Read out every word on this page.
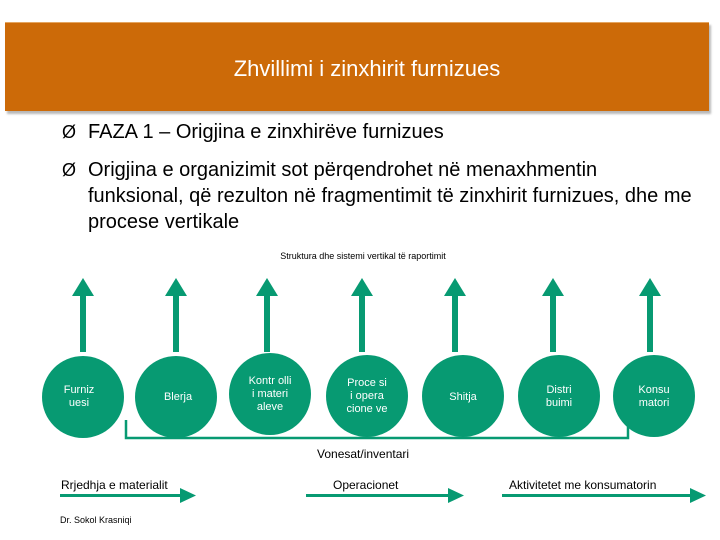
Zhvillimi i zinxhirit furnizues
Ø FAZA 1 – Origjina e zinxhirëve furnizues
Ø Origjina e organizimit sot përqendrohet në menaxhmentin funksional, që rezulton në fragmentimit të zinxhirit furnizues, dhe me procese vertikale
Struktura dhe sistemi vertikal të raportimit
Furniz uesi
Blerja
Kontr olli i materi aleve
Proce si i opera cione ve
Shitja
Distri buimi
Konsu matori
Vonesat/inventari
Rrjedhja e materialit	Operacionet	Aktivitetet me konsumatorin
Dr. Sokol Krasniqi
